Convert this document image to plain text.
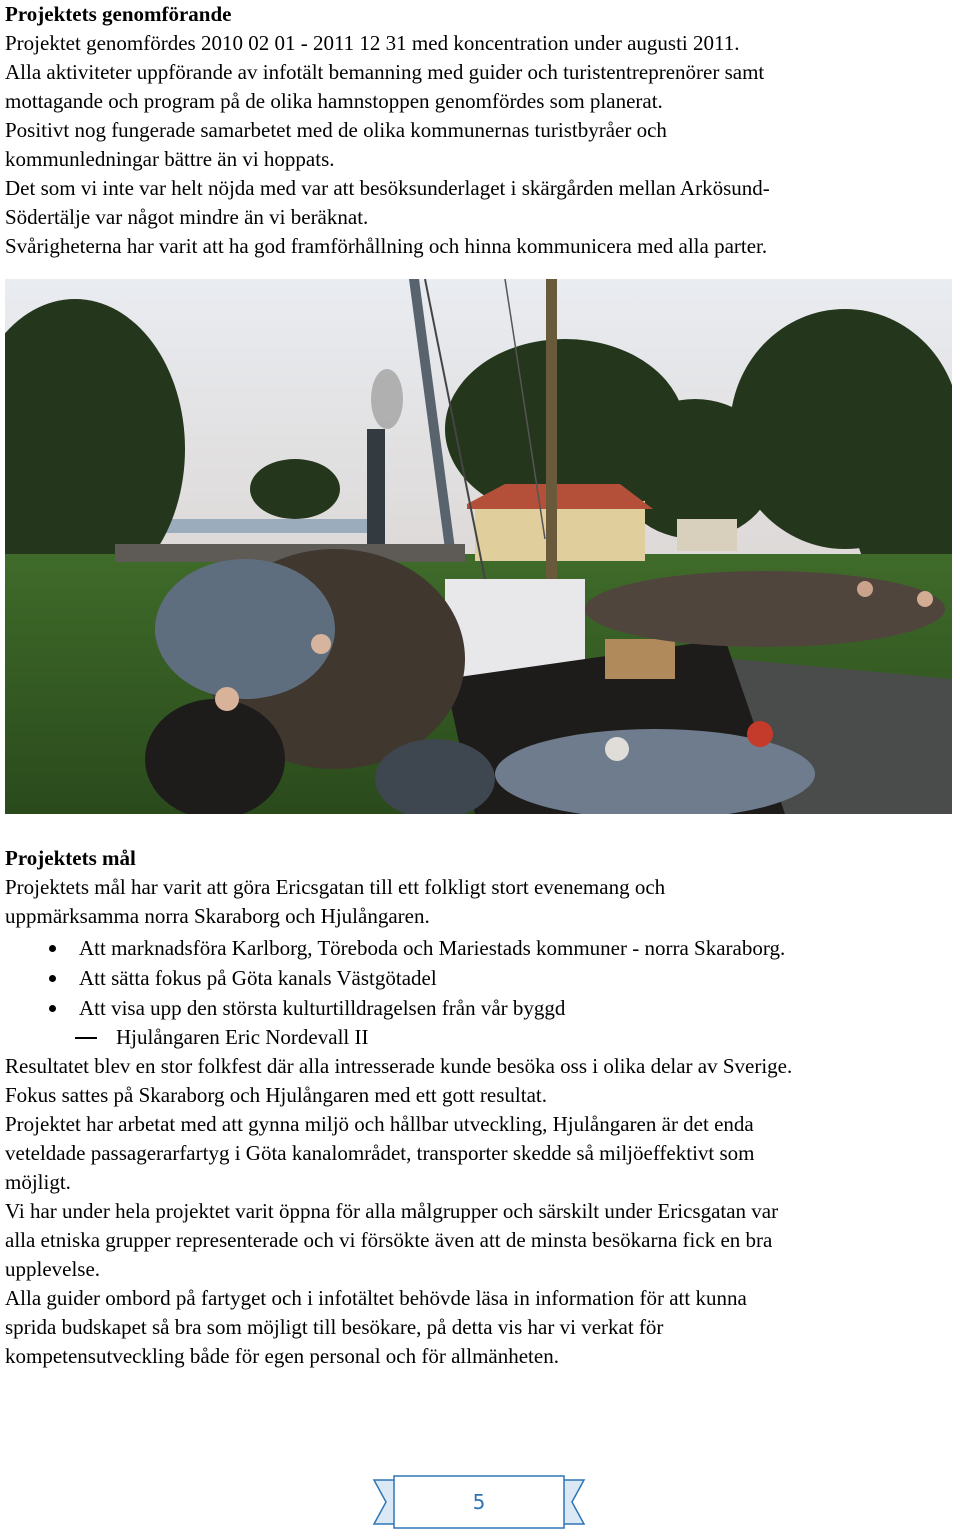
Projektets genomförande

Projektet genomfördes 2010 02 01 - 2011 12 31 med koncentration under augusti 2011.

Alla aktiviteter uppförande av infotält bemanning med guider och turistentreprenörer samt

mottagande och program på de olika hamnstoppen genomfördes som planerat.

Positivt nog fungerade samarbetet med de olika kommunernas turistbyråer och

kommunledningar bättre än vi hoppats.

Det som vi inte var helt nöjda med var att besöksunderlaget i skärgården mellan Arkösund-

Södertälje var något mindre än vi beräknat.

Svårigheterna har varit att ha god framförhållning och hinna kommunicera med alla parter.

Projektets mål

Projektets mål har varit att göra Ericsgatan till ett folkligt stort evenemang och

uppmärksamma norra Skaraborg och Hjulångaren.

Att marknadsföra Karlborg, Töreboda och Mariestads kommuner - norra Skaraborg.
Att sätta fokus på Göta kanals Västgötadel
Att visa upp den största kulturtilldragelsen från vår byggd
Hjulångaren Eric Nordevall II

Resultatet blev en stor folkfest där alla intresserade kunde besöka oss i olika delar av Sverige.

Fokus sattes på Skaraborg och Hjulångaren med ett gott resultat.

Projektet har arbetat med att gynna miljö och hållbar utveckling, Hjulångaren är det enda

veteldade passagerarfartyg i Göta kanalområdet, transporter skedde så miljöeffektivt som

möjligt.

Vi har under hela projektet varit öppna för alla målgrupper och särskilt under Ericsgatan var

alla etniska grupper representerade och vi försökte även att de minsta besökarna fick en bra

upplevelse.

Alla guider ombord på fartyget och i infotältet behövde läsa in information för att kunna

sprida budskapet så bra som möjligt till besökare, på detta vis har vi verkat för

kompetensutveckling både för egen personal och för allmänheten.

5
